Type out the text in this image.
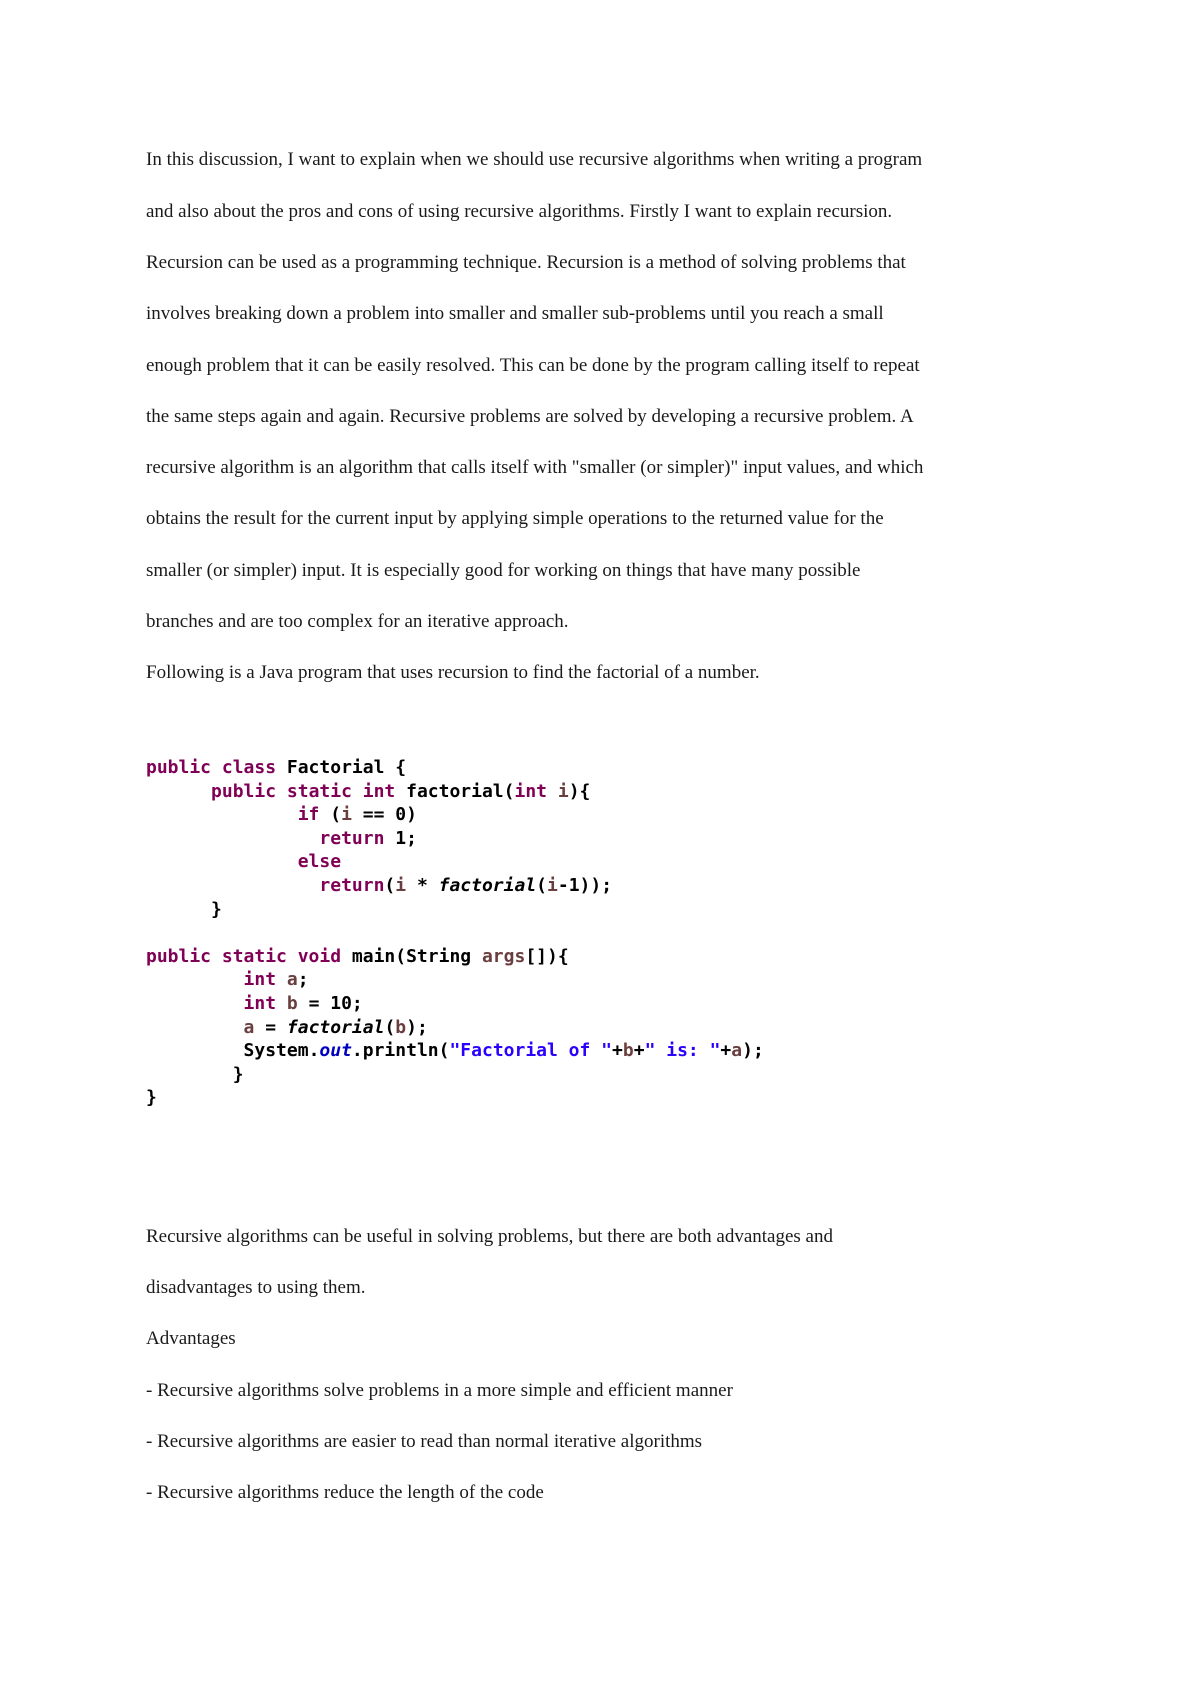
In this discussion, I want to explain when we should use recursive algorithms when writing a program
and also about the pros and cons of using recursive algorithms. Firstly I want to explain recursion.
Recursion can be used as a programming technique. Recursion is a method of solving problems that
involves breaking down a problem into smaller and smaller sub-problems until you reach a small
enough problem that it can be easily resolved. This can be done by the program calling itself to repeat
the same steps again and again. Recursive problems are solved by developing a recursive problem. A
recursive algorithm is an algorithm that calls itself with "smaller (or simpler)" input values, and which
obtains the result for the current input by applying simple operations to the returned value for the
smaller (or simpler) input. It is especially good for working on things that have many possible
branches and are too complex for an iterative approach.
Following is a Java program that uses recursion to find the factorial of a number.
public class Factorial {
public static int factorial(int i){
if (i == 0)
return 1;
else
return(i * factorial(i-1));
}

public static void main(String args[]){
int a;
int b = 10;
a = factorial(b);
System.out.println("Factorial of "+b+" is: "+a);
}
}
Recursive algorithms can be useful in solving problems, but there are both advantages and
disadvantages to using them.
Advantages
- Recursive algorithms solve problems in a more simple and efficient manner
- Recursive algorithms are easier to read than normal iterative algorithms
- Recursive algorithms reduce the length of the code
